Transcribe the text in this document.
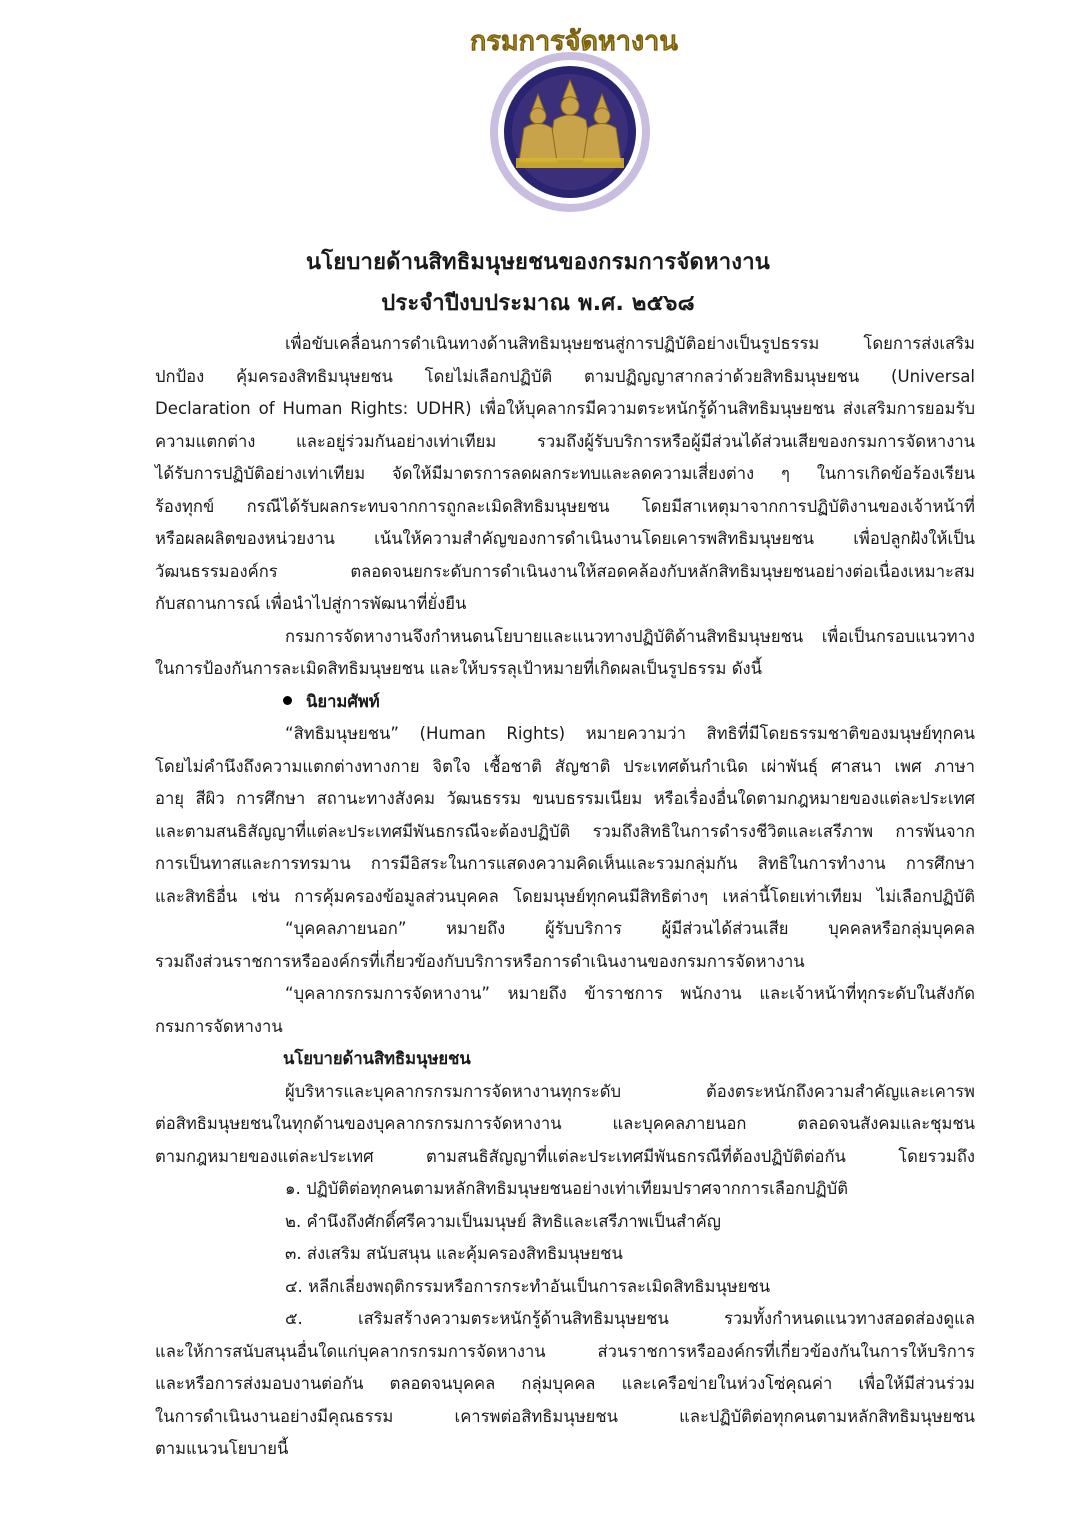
กรมการจัดหางาน
นโยบายด้านสิทธิมนุษยชนของกรมการจัดหางาน
ประจำปีงบประมาณ พ.ศ. ๒๕๖๘
เพื่อขับเคลื่อนการดำเนินทางด้านสิทธิมนุษยชนสู่การปฏิบัติอย่างเป็นรูปธรรม โดยการส่งเสริม
ปกป้อง คุ้มครองสิทธิมนุษยชน โดยไม่เลือกปฏิบัติ ตามปฏิญญาสากลว่าด้วยสิทธิมนุษยชน (Universal
Declaration of Human Rights: UDHR) เพื่อให้บุคลากรมีความตระหนักรู้ด้านสิทธิมนุษยชน ส่งเสริมการยอมรับ
ความแตกต่าง และอยู่ร่วมกันอย่างเท่าเทียม รวมถึงผู้รับบริการหรือผู้มีส่วนได้ส่วนเสียของกรมการจัดหางาน
ได้รับการปฏิบัติอย่างเท่าเทียม จัดให้มีมาตรการลดผลกระทบและลดความเสี่ยงต่าง ๆ ในการเกิดข้อร้องเรียน
ร้องทุกข์ กรณีได้รับผลกระทบจากการถูกละเมิดสิทธิมนุษยชน โดยมีสาเหตุมาจากการปฏิบัติงานของเจ้าหน้าที่
หรือผลผลิตของหน่วยงาน เน้นให้ความสำคัญของการดำเนินงานโดยเคารพสิทธิมนุษยชน เพื่อปลูกฝังให้เป็น
วัฒนธรรมองค์กร ตลอดจนยกระดับการดำเนินงานให้สอดคล้องกับหลักสิทธิมนุษยชนอย่างต่อเนื่องเหมาะสม
กับสถานการณ์ เพื่อนำไปสู่การพัฒนาที่ยั่งยืน
กรมการจัดหางานจึงกำหนดนโยบายและแนวทางปฏิบัติด้านสิทธิมนุษยชน เพื่อเป็นกรอบแนวทาง
ในการป้องกันการละเมิดสิทธิมนุษยชน และให้บรรลุเป้าหมายที่เกิดผลเป็นรูปธรรม ดังนี้
นิยามศัพท์
“สิทธิมนุษยชน” (Human Rights) หมายความว่า สิทธิที่มีโดยธรรมชาติของมนุษย์ทุกคน
โดยไม่คำนึงถึงความแตกต่างทางกาย จิตใจ เชื้อชาติ สัญชาติ ประเทศต้นกำเนิด เผ่าพันธุ์ ศาสนา เพศ ภาษา
อายุ สีผิว การศึกษา สถานะทางสังคม วัฒนธรรม ขนบธรรมเนียม หรือเรื่องอื่นใดตามกฎหมายของแต่ละประเทศ
และตามสนธิสัญญาที่แต่ละประเทศมีพันธกรณีจะต้องปฏิบัติ รวมถึงสิทธิในการดำรงชีวิตและเสรีภาพ การพ้นจาก
การเป็นทาสและการทรมาน การมีอิสระในการแสดงความคิดเห็นและรวมกลุ่มกัน สิทธิในการทำงาน การศึกษา
และสิทธิอื่น เช่น การคุ้มครองข้อมูลส่วนบุคคล โดยมนุษย์ทุกคนมีสิทธิต่างๆ เหล่านี้โดยเท่าเทียม ไม่เลือกปฏิบัติ
“บุคคลภายนอก” หมายถึง ผู้รับบริการ ผู้มีส่วนได้ส่วนเสีย บุคคลหรือกลุ่มบุคคล
รวมถึงส่วนราชการหรือองค์กรที่เกี่ยวข้องกับบริการหรือการดำเนินงานของกรมการจัดหางาน
“บุคลากรกรมการจัดหางาน” หมายถึง ข้าราชการ พนักงาน และเจ้าหน้าที่ทุกระดับในสังกัด
กรมการจัดหางาน
นโยบายด้านสิทธิมนุษยชน
ผู้บริหารและบุคลากรกรมการจัดหางานทุกระดับ ต้องตระหนักถึงความสำคัญและเคารพ
ต่อสิทธิมนุษยชนในทุกด้านของบุคลากรกรมการจัดหางาน และบุคคลภายนอก ตลอดจนสังคมและชุมชน
ตามกฎหมายของแต่ละประเทศ ตามสนธิสัญญาที่แต่ละประเทศมีพันธกรณีที่ต้องปฏิบัติต่อกัน โดยรวมถึง
๑. ปฏิบัติต่อทุกคนตามหลักสิทธิมนุษยชนอย่างเท่าเทียมปราศจากการเลือกปฏิบัติ
๒. คำนึงถึงศักดิ์ศรีความเป็นมนุษย์ สิทธิและเสรีภาพเป็นสำคัญ
๓. ส่งเสริม สนับสนุน และคุ้มครองสิทธิมนุษยชน
๔. หลีกเลี่ยงพฤติกรรมหรือการกระทำอันเป็นการละเมิดสิทธิมนุษยชน
๕. เสริมสร้างความตระหนักรู้ด้านสิทธิมนุษยชน รวมทั้งกำหนดแนวทางสอดส่องดูแล
และให้การสนับสนุนอื่นใดแก่บุคลากรกรมการจัดหางาน ส่วนราชการหรือองค์กรที่เกี่ยวข้องกันในการให้บริการ
และหรือการส่งมอบงานต่อกัน ตลอดจนบุคคล กลุ่มบุคคล และเครือข่ายในห่วงโซ่คุณค่า เพื่อให้มีส่วนร่วม
ในการดำเนินงานอย่างมีคุณธรรม เคารพต่อสิทธิมนุษยชน และปฏิบัติต่อทุกคนตามหลักสิทธิมนุษยชน
ตามแนวนโยบายนี้
